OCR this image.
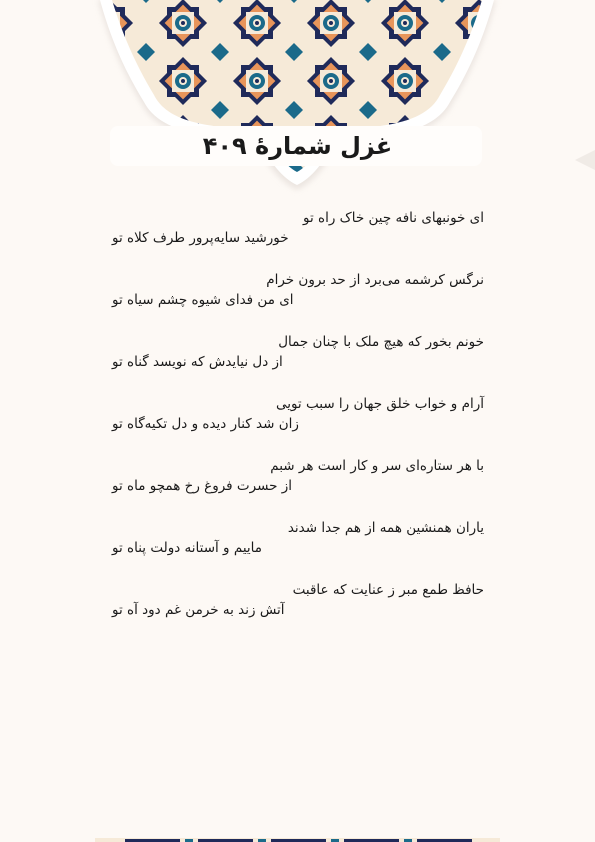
غزل شمارهٔ ۴۰۹
ای خونبهای نافه چین خاک راه تو
خورشید سایه‌پرور طرف کلاه تو
نرگس کرشمه می‌برد از حد برون خرام
ای من فدای شیوه چشم سیاه تو
خونم بخور که هیچ ملک با چنان جمال
از دل نیایدش که نویسد گناه تو
آرام و خواب خلق جهان را سبب تویی
زان شد کنار دیده و دل تکیه‌گاه تو
با هر ستاره‌ای سر و کار است هر شبم
از حسرت فروغ رخ همچو ماه تو
یاران همنشین همه از هم جدا شدند
ماییم و آستانه دولت پناه تو
حافظ طمع مبر ز عنایت که عاقبت
آتش زند به خرمن غم دود آه تو
